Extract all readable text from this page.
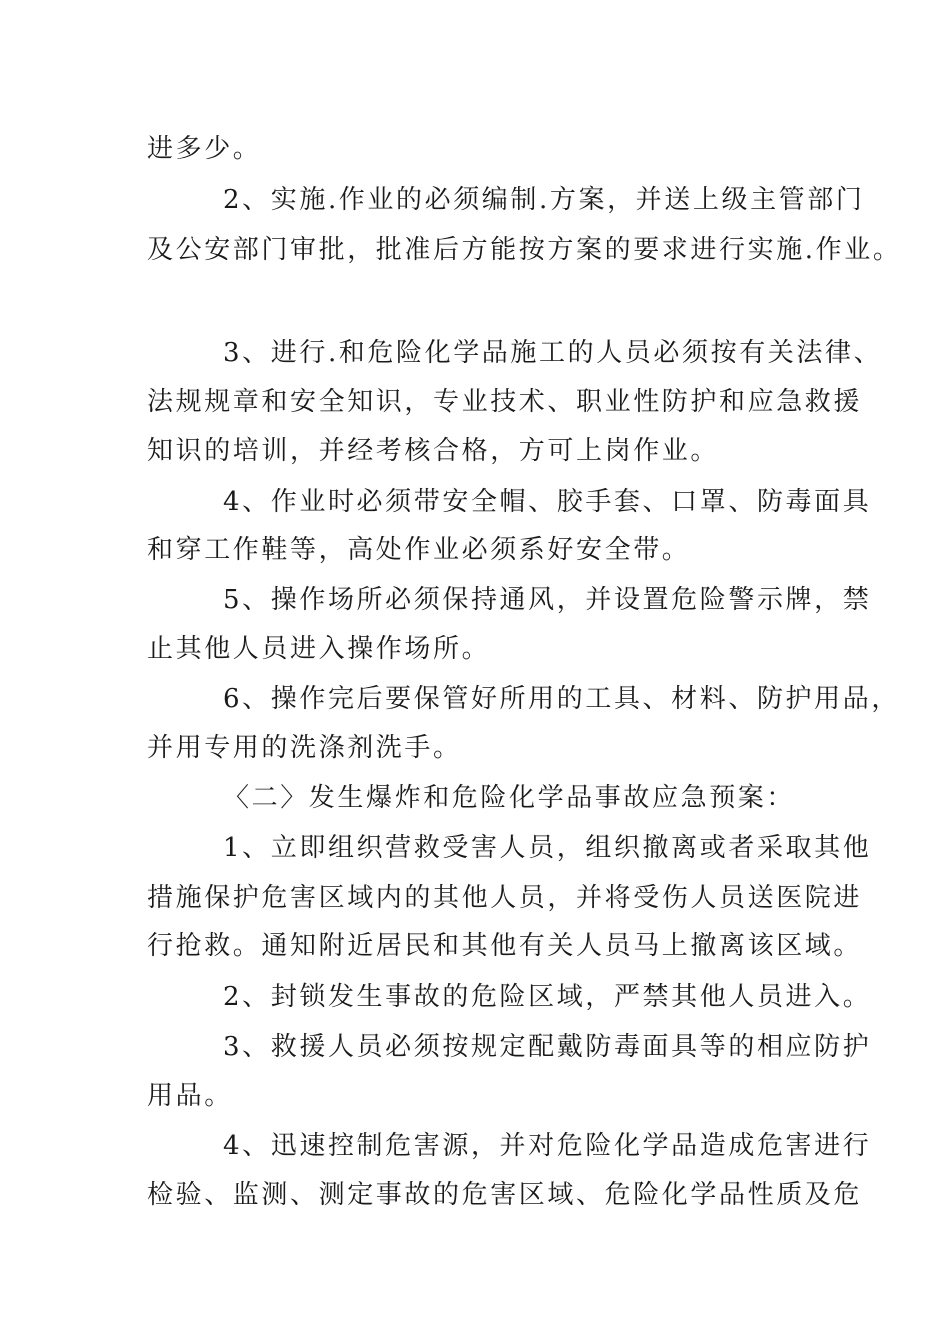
进多少。
2、实施.作业的必须编制.方案，并送上级主管部门
及公安部门审批，批准后方能按方案的要求进行实施.作业。
3、进行.和危险化学品施工的人员必须按有关法律、
法规规章和安全知识，专业技术、职业性防护和应急救援
知识的培训，并经考核合格，方可上岗作业。
4、作业时必须带安全帽、胶手套、口罩、防毒面具
和穿工作鞋等，高处作业必须系好安全带。
5、操作场所必须保持通风，并设置危险警示牌，禁
止其他人员进入操作场所。
6、操作完后要保管好所用的工具、材料、防护用品，
并用专用的洗涤剂洗手。
〈二〉发生爆炸和危险化学品事故应急预案：
1、立即组织营救受害人员，组织撤离或者采取其他
措施保护危害区域内的其他人员，并将受伤人员送医院进
行抢救。通知附近居民和其他有关人员马上撤离该区域。
2、封锁发生事故的危险区域，严禁其他人员进入。
3、救援人员必须按规定配戴防毒面具等的相应防护
用品。
4、迅速控制危害源，并对危险化学品造成危害进行
检验、监测、测定事故的危害区域、危险化学品性质及危
